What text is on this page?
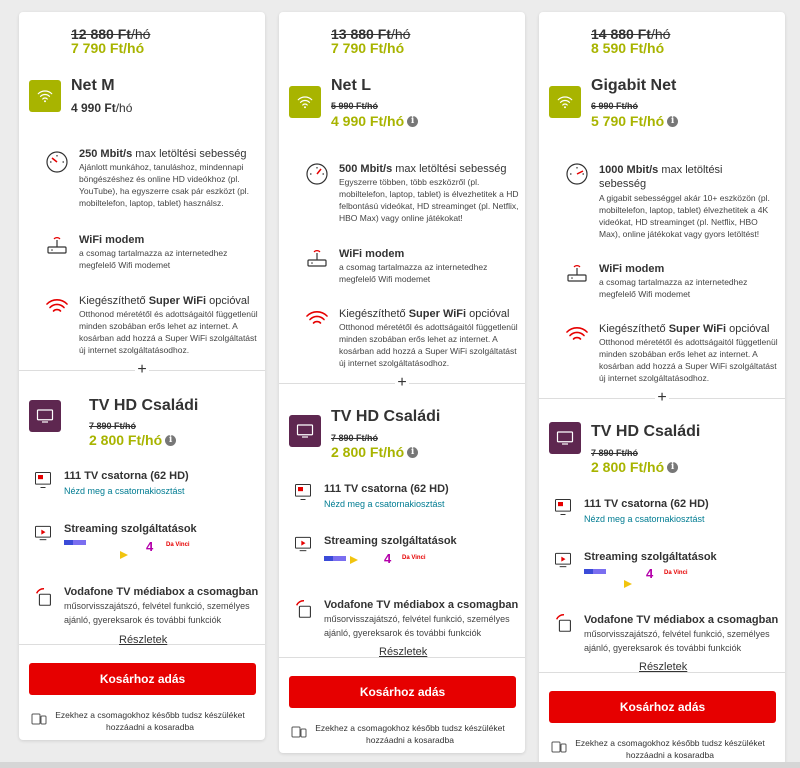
12 880 Ft/hó
7 790 Ft/hó
Net M
4 990 Ft/hó
250 Mbit/s max letöltési sebesség
Ajánlott munkához, tanuláshoz, mindennapi böngészéshez és online HD videókhoz (pl. YouTube), ha egyszerre csak pár eszközt (pl. mobiltelefon, laptop, tablet) használsz.
WiFi modem
a csomag tartalmazza az internetedhez megfelelő Wifi modemet
Kiegészíthető Super WiFi opcióval
Otthonod méretétől és adottságaitól függetlenül minden szobában erős lehet az internet. A kosárban add hozzá a Super WiFi szolgáltatást új internet szolgáltatásodhoz.
+
TV HD Családi
7 890 Ft/hó
2 800 Ft/hó i
111 TV csatorna (62 HD)
Nézd meg a csatornakiosztást
Streaming szolgáltatások
4 Da Vinci
Vodafone TV médiabox a csomagban
műsorvisszajátszó, felvétel funkció, személyes ajánló, gyereksarok és további funkciók
Részletek
Kosárhoz adás
Ezekhez a csomagokhoz később tudsz készüléket hozzáadni a kosaradba
13 880 Ft/hó
7 790 Ft/hó
Net L
5 990 Ft/hó
4 990 Ft/hó i
500 Mbit/s max letöltési sebesség
Egyszerre többen, több eszközről (pl. mobiltelefon, laptop, tablet) is élvezhetitek a HD felbontású videókat, HD streaminget (pl. Netflix, HBO Max) vagy online játékokat!
WiFi modem
a csomag tartalmazza az internetedhez megfelelő Wifi modemet
Kiegészíthető Super WiFi opcióval
Otthonod méretétől és adottságaitól függetlenül minden szobában erős lehet az internet. A kosárban add hozzá a Super WiFi szolgáltatást új internet szolgáltatásodhoz.
+
TV HD Családi
7 890 Ft/hó
2 800 Ft/hó i
111 TV csatorna (62 HD)
Nézd meg a csatornakiosztást
Streaming szolgáltatások
4 Da Vinci
Vodafone TV médiabox a csomagban
műsorvisszajátszó, felvétel funkció, személyes ajánló, gyereksarok és további funkciók
Részletek
Kosárhoz adás
Ezekhez a csomagokhoz később tudsz készüléket hozzáadni a kosaradba
14 880 Ft/hó
8 590 Ft/hó
Gigabit Net
6 990 Ft/hó
5 790 Ft/hó i
1000 Mbit/s max letöltési sebesség
A gigabit sebességgel akár 10+ eszközön (pl. mobiltelefon, laptop, tablet) élvezhetitek a 4K videókat, HD streaminget (pl. Netflix, HBO Max), online játékokat vagy gyors letöltést!
WiFi modem
a csomag tartalmazza az internetedhez megfelelő Wifi modemet
Kiegészíthető Super WiFi opcióval
Otthonod méretétől és adottságaitól függetlenül minden szobában erős lehet az internet. A kosárban add hozzá a Super WiFi szolgáltatást új internet szolgáltatásodhoz.
+
TV HD Családi
7 890 Ft/hó
2 800 Ft/hó i
111 TV csatorna (62 HD)
Nézd meg a csatornakiosztást
Streaming szolgáltatások
4 Da Vinci
Vodafone TV médiabox a csomagban
műsorvisszajátszó, felvétel funkció, személyes ajánló, gyereksarok és további funkciók
Részletek
Kosárhoz adás
Ezekhez a csomagokhoz később tudsz készüléket hozzáadni a kosaradba
